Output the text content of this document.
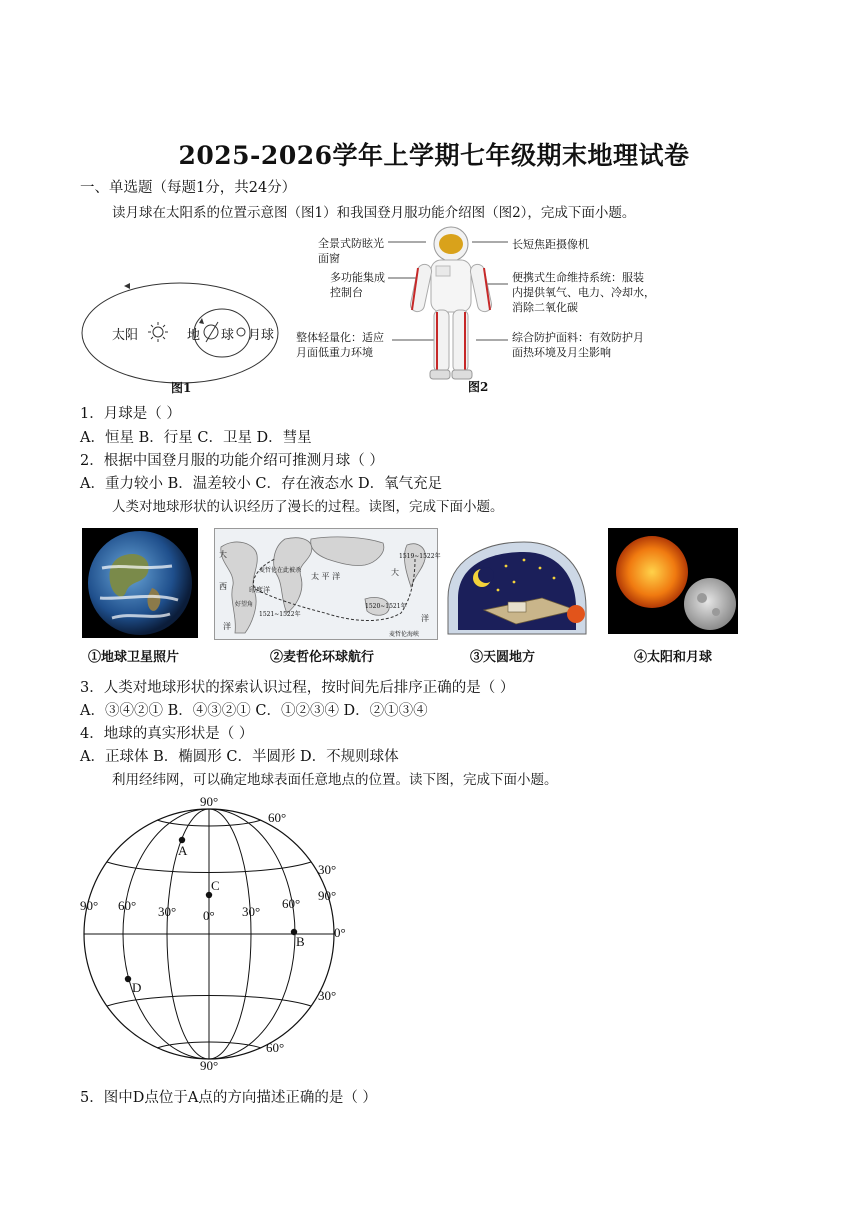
2025-2026学年上学期七年级期末地理试卷
一、单选题（每题1分，共24分）
读月球在太阳系的位置示意图（图1）和我国登月服功能介绍图（图2），完成下面小题。
太阳	地 球 月球
图1
全景式防眩光
面窗
多功能集成
控制台
整体轻量化：适应
月面低重力环境
长短焦距摄像机
便携式生命维持系统：服装
内提供氧气、电力、冷却水，
消除二氧化碳
综合防护面料：有效防护月
面热环境及月尘影响
图2
1．月球是（ ）
A．恒星 B．行星 C．卫星 D．彗星
2．根据中国登月服的功能介绍可推测月球（ ）
A．重力较小 B．温差较小 C．存在液态水 D．氧气充足
人类对地球形状的认识经历了漫长的过程。读图，完成下面小题。
大
西
洋
太 平 洋
印度洋
大
洋
1519~1522年
1520~1521年
1521~1522年
麦哲伦在此被杀
好望角
麦哲伦海峡
①地球卫星照片	②麦哲伦环球航行	③天圆地方	④太阳和月球
3．人类对地球形状的探索认识过程，按时间先后排序正确的是（ ）
A．③④②① B．④③②① C．①②③④ D．②①③④
4．地球的真实形状是（ ）
A．正球体 B．椭圆形 C．半圆形 D．不规则球体
利用经纬网，可以确定地球表面任意地点的位置。读下图，完成下面小题。
90°
60°
30°
90°
0°
30°
60°
90°
90° 60° 30° 0° 30°
60°
A
B
C
D
5．图中D点位于A点的方向描述正确的是（ ）
